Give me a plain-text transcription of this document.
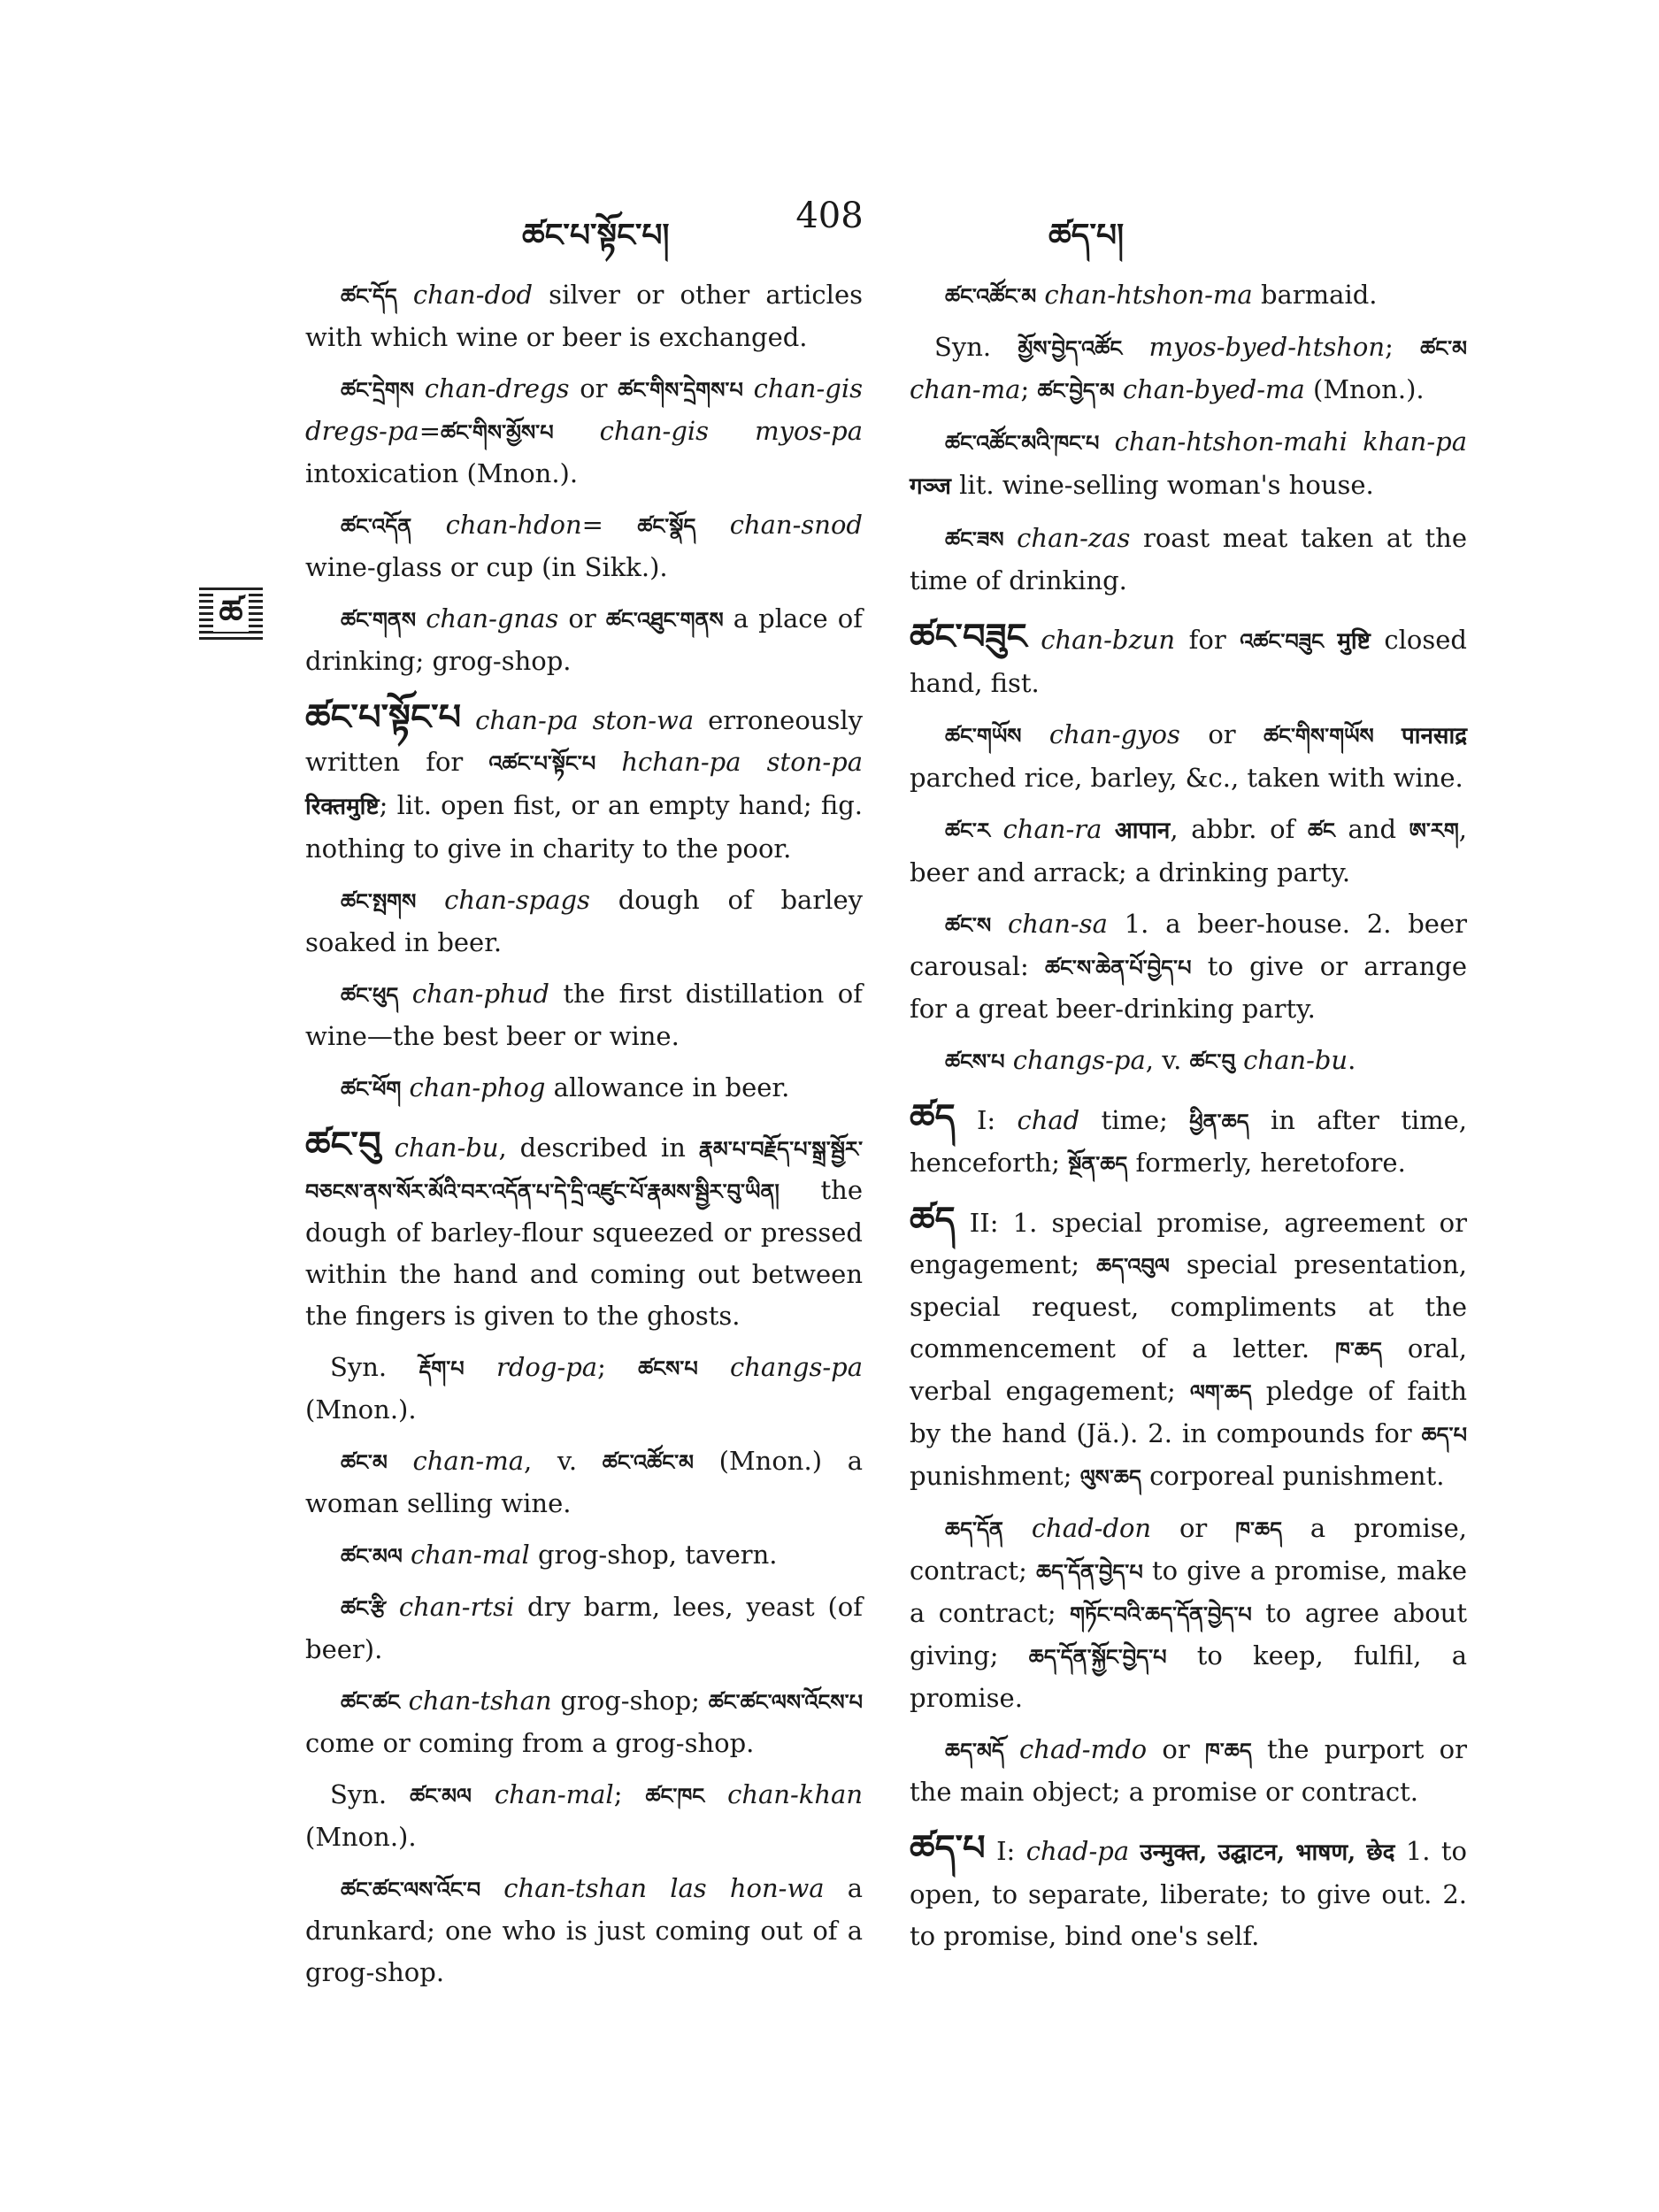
ཚང་པ་སྟོང་པ།	408	ཚད་པ།
ཚ

ཚང་དོད chan-dod silver or other articles with which wine or beer is exchanged.

ཚང་དྲེགས chan-dregs or ཚང་གིས་དྲེགས་པ chan-gis dregs-pa=ཚང་གིས་མྱོས་པ chan-gis myos-pa intoxication (Mnon.).

ཚང་འདོན chan-hdon= ཚང་སྣོད chan-snod wine-glass or cup (in Sikk.).

ཚང་གནས chan-gnas or ཚང་འཐུང་གནས a place of drinking; grog-shop.

ཚང་པ་སྟོང་པ chan-pa ston-wa erroneously written for འཚང་པ་སྟོང་པ hchan-pa ston-pa रिक्तमुष्टि; lit. open fist, or an empty hand; fig. nothing to give in charity to the poor.

ཚང་སྤགས chan-spags dough of barley soaked in beer.

ཚང་ཕུད chan-phud the first distillation of wine—the best beer or wine.

ཚང་ཕོག chan-phog allowance in beer.

ཚང་བུ chan-bu, described in རྣམ་པ་བརྗོད་པ་སྒྲ་སྦྱོར་བཅངས་ནས་སོར་མོའི་བར་འདོན་པ་དེ་དྲི་འཛུང་པོ་རྣམས་སྦྱིར་བུ་ཡིན། the dough of barley-flour squeezed or pressed within the hand and coming out between the fingers is given to the ghosts.

Syn. རྡོག་པ rdog-pa; ཚངས་པ changs-pa (Mnon.).

ཚང་མ chan-ma, v. ཚང་འཚོང་མ (Mnon.) a woman selling wine.

ཚང་མལ chan-mal grog-shop, tavern.

ཚང་རྩི chan-rtsi dry barm, lees, yeast (of beer).

ཚང་ཚང chan-tshan grog-shop; ཚང་ཚང་ལས་འོངས་པ come or coming from a grog-shop.

Syn. ཚང་མལ chan-mal; ཚང་ཁང chan-khan (Mnon.).

ཚང་ཚང་ལས་འོང་བ chan-tshan las hon-wa a drunkard; one who is just coming out of a grog-shop.

ཚང་འཚོང་མ chan-htshon-ma barmaid.

Syn. མྱོས་བྱེད་འཚོང myos-byed-htshon; ཚང་མ chan-ma; ཚང་བྱེད་མ chan-byed-ma (Mnon.).

ཚང་འཚོང་མའི་ཁང་པ chan-htshon-mahi khan-pa गञ्ज lit. wine-selling woman's house.

ཚང་ཟས chan-zas roast meat taken at the time of drinking.

ཚང་བཟུང chan-bzun for འཚང་བཟུང मुष्टि closed hand, fist.

ཚང་གཡོས chan-gyos or ཚང་གིས་གཡོས पानसाद्र parched rice, barley, &c., taken with wine.

ཚང་ར chan-ra आपान, abbr. of ཚང and ཨ་རག, beer and arrack; a drinking party.

ཚང་ས chan-sa 1. a beer-house. 2. beer carousal: ཚང་ས་ཆེན་པོ་བྱེད་པ to give or arrange for a great beer-drinking party.

ཚངས་པ changs-pa, v. ཚང་བུ chan-bu.

ཚད I: chad time; ཕྱིན་ཆད in after time, henceforth; སྔོན་ཆད formerly, heretofore.

ཚད II: 1. special promise, agreement or engagement; ཆད་འབུལ special presentation, special request, compliments at the commencement of a letter. ཁ་ཆད oral, verbal engagement; ལག་ཆད pledge of faith by the hand (Jä.). 2. in compounds for ཆད་པ punishment; ལུས་ཆད corporeal punishment.

ཆད་དོན chad-don or ཁ་ཆད a promise, contract; ཆད་དོན་བྱེད་པ to give a promise, make a contract; གཏོང་བའི་ཆད་དོན་བྱེད་པ to agree about giving; ཆད་དོན་སྐྱོང་བྱེད་པ to keep, fulfil, a promise.

ཆད་མདོ chad-mdo or ཁ་ཆད the purport or the main object; a promise or contract.

ཚད་པ I: chad-pa उन्मुक्त, उद्घाटन, भाषण, छेद 1. to open, to separate, liberate; to give out. 2. to promise, bind one's self.
